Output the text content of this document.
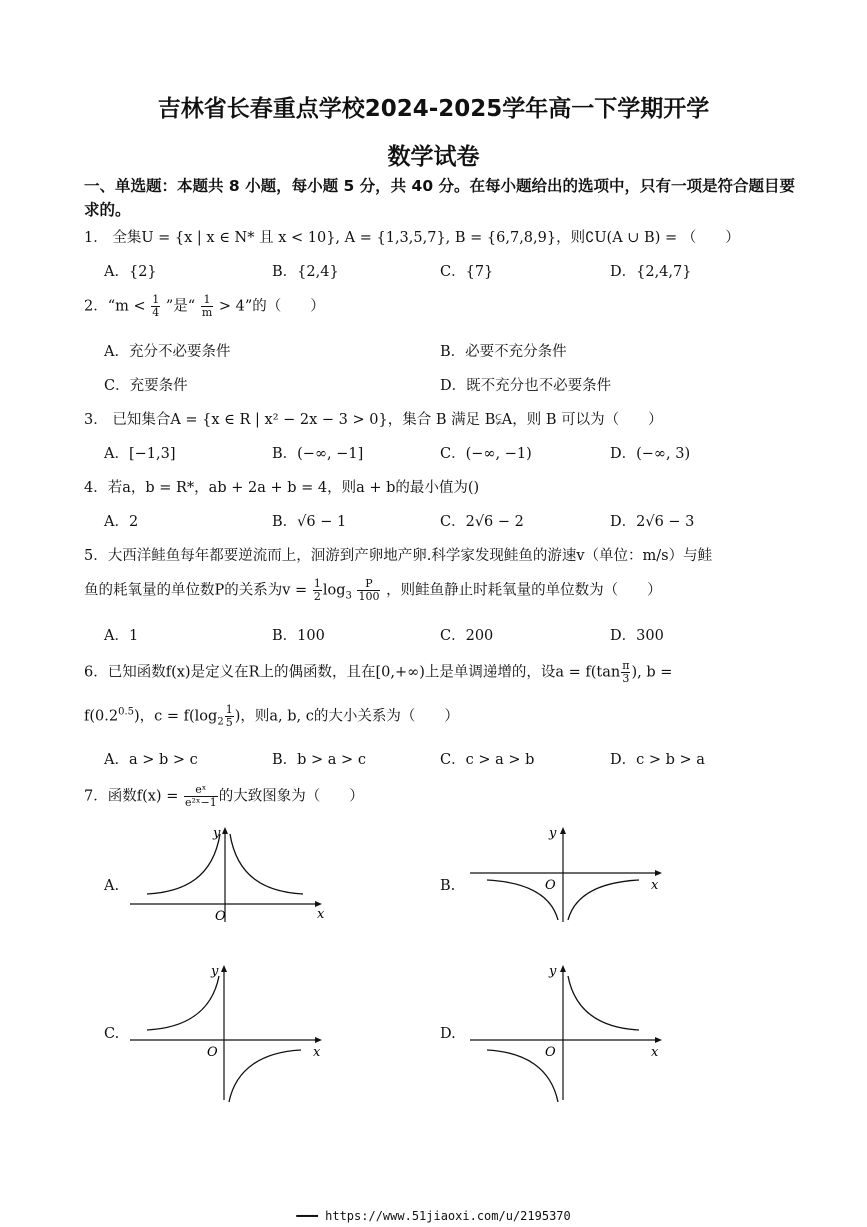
吉林省长春重点学校2024-2025学年高一下学期开学
数学试卷
一、单选题：本题共 8 小题，每小题 5 分，共 40 分。在每小题给出的选项中，只有一项是符合题目要求的。
1． 全集U = {x | x ∈ N* 且 x < 10}, A = {1,3,5,7}, B = {6,7,8,9}，则∁U(A ∪ B) = （　　）
A．{2}	B．{2,4}	C．{7}	D．{2,4,7}
2．“$m < \frac{1}{4}$ ”是“ $\frac{1}{m} > 4$”的（　　）
A．充分不必要条件	B．必要不充分条件
C．充要条件	D．既不充分也不必要条件
3． 已知集合A = {x ∈ R | x² − 2x − 3 > 0}，集合 B 满足 B⫋A，则 B 可以为（　　）
A．[−1,3]	B．(−∞, −1]	C．(−∞, −1)	D．(−∞, 3)
4．若a，b = R*，ab + 2a + b = 4，则a + b的最小值为()
A．2	B．√6 − 1	C．2√6 − 2	D．2√6 − 3
5．大西洋鲑鱼每年都要逆流而上，洄游到产卵地产卵.科学家发现鲑鱼的游速v（单位：m/s）与鲑
鱼的耗氧量的单位数P的关系为$v = \frac{1}{2} \log_3 \frac{P}{100}$ ，则鲑鱼静止时耗氧量的单位数为（　　）
A．1	B．100	C．200	D．300
6．已知函数f(x)是定义在R上的偶函数，且在[0,+∞)上是单调递增的，设$a = f(\tan \frac{\pi}{3}$ ), b =
$f(0.2^{0.5})$，$c = f(\log_2 \frac{1}{5}$ )，则a, b, c的大小关系为（　　）
A．a > b > c	B．b > a > c	C．c > a > b	D．c > b > a
7．函数$f(x) = \frac{\text{eˣ}}{\text{e²ˣ−1}}$ 的大致图象为（　　）
A.
O
y
x
B.	O
y
x
C.
O
y
x
D.
O
y
x
━━━ https://www.51jiaoxi.com/u/2195370
